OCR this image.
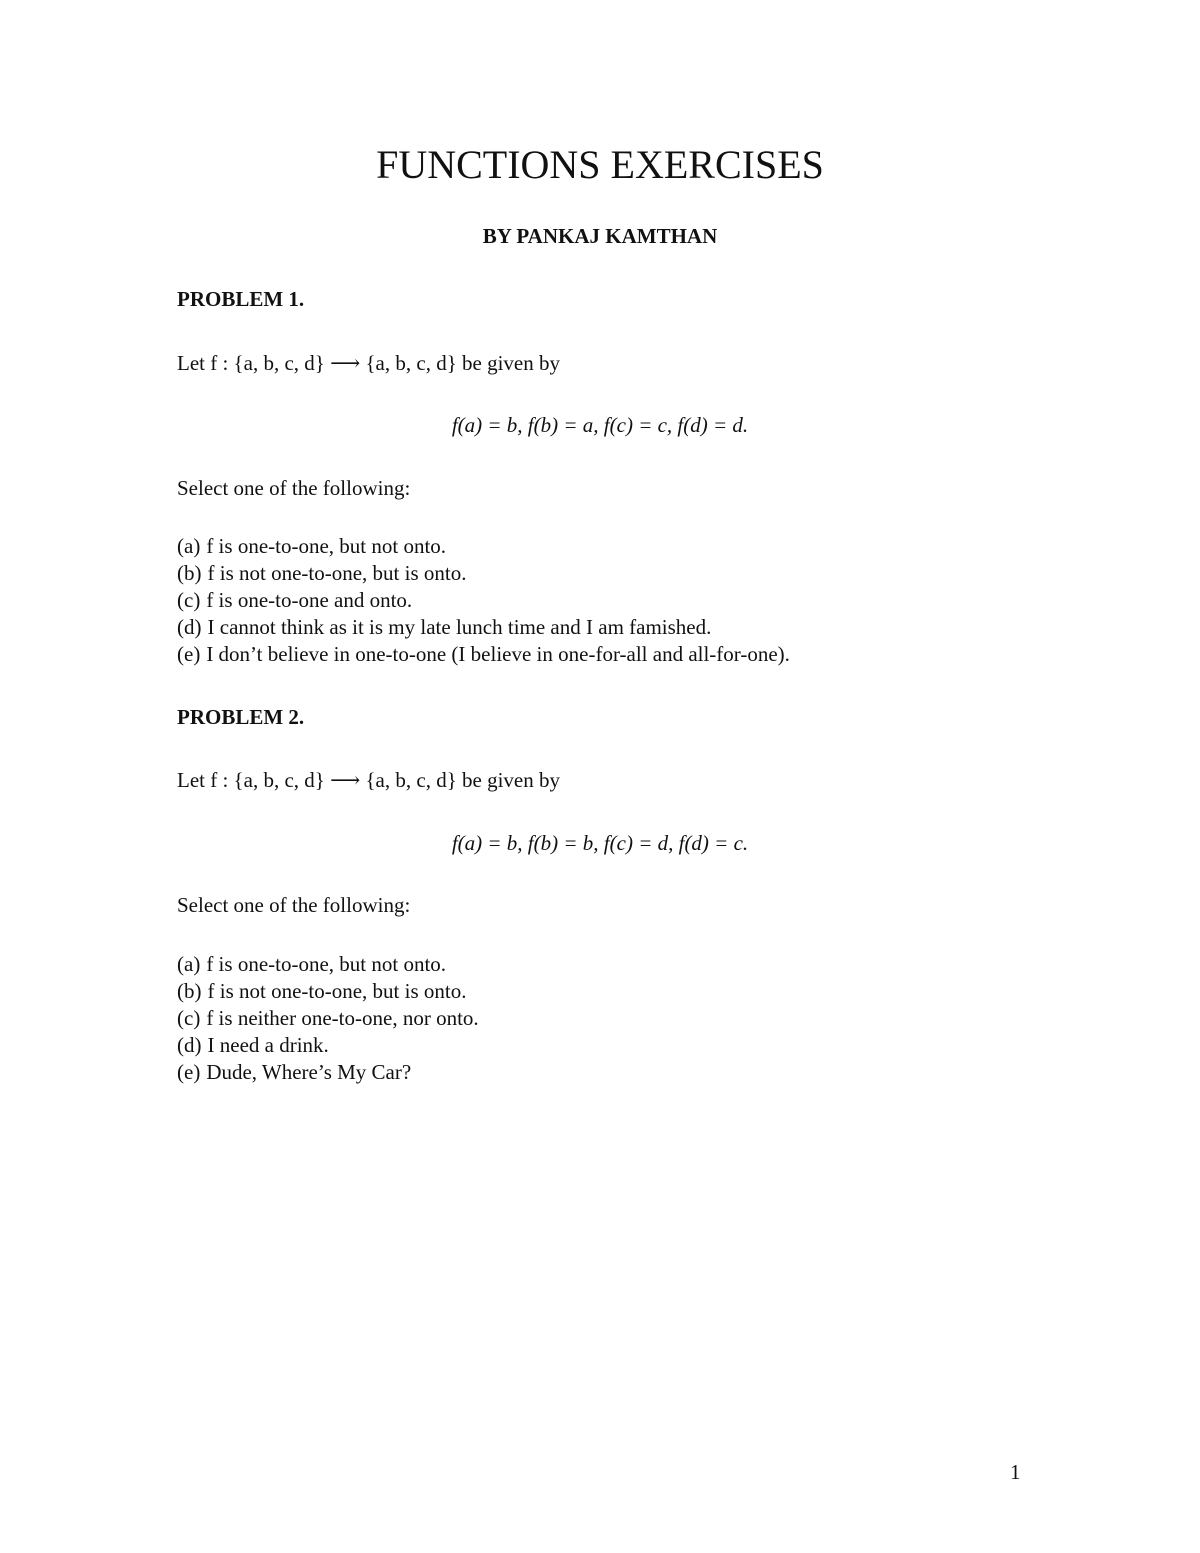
FUNCTIONS EXERCISES
BY PANKAJ KAMTHAN
PROBLEM 1.
Let f : {a, b, c, d} ⟶ {a, b, c, d} be given by
f(a) = b, f(b) = a, f(c) = c, f(d) = d.
Select one of the following:
(a) f is one-to-one, but not onto.
(b) f is not one-to-one, but is onto.
(c) f is one-to-one and onto.
(d) I cannot think as it is my late lunch time and I am famished.
(e) I don’t believe in one-to-one (I believe in one-for-all and all-for-one).
PROBLEM 2.
Let f : {a, b, c, d} ⟶ {a, b, c, d} be given by
f(a) = b, f(b) = b, f(c) = d, f(d) = c.
Select one of the following:
(a) f is one-to-one, but not onto.
(b) f is not one-to-one, but is onto.
(c) f is neither one-to-one, nor onto.
(d) I need a drink.
(e) Dude, Where’s My Car?
1
